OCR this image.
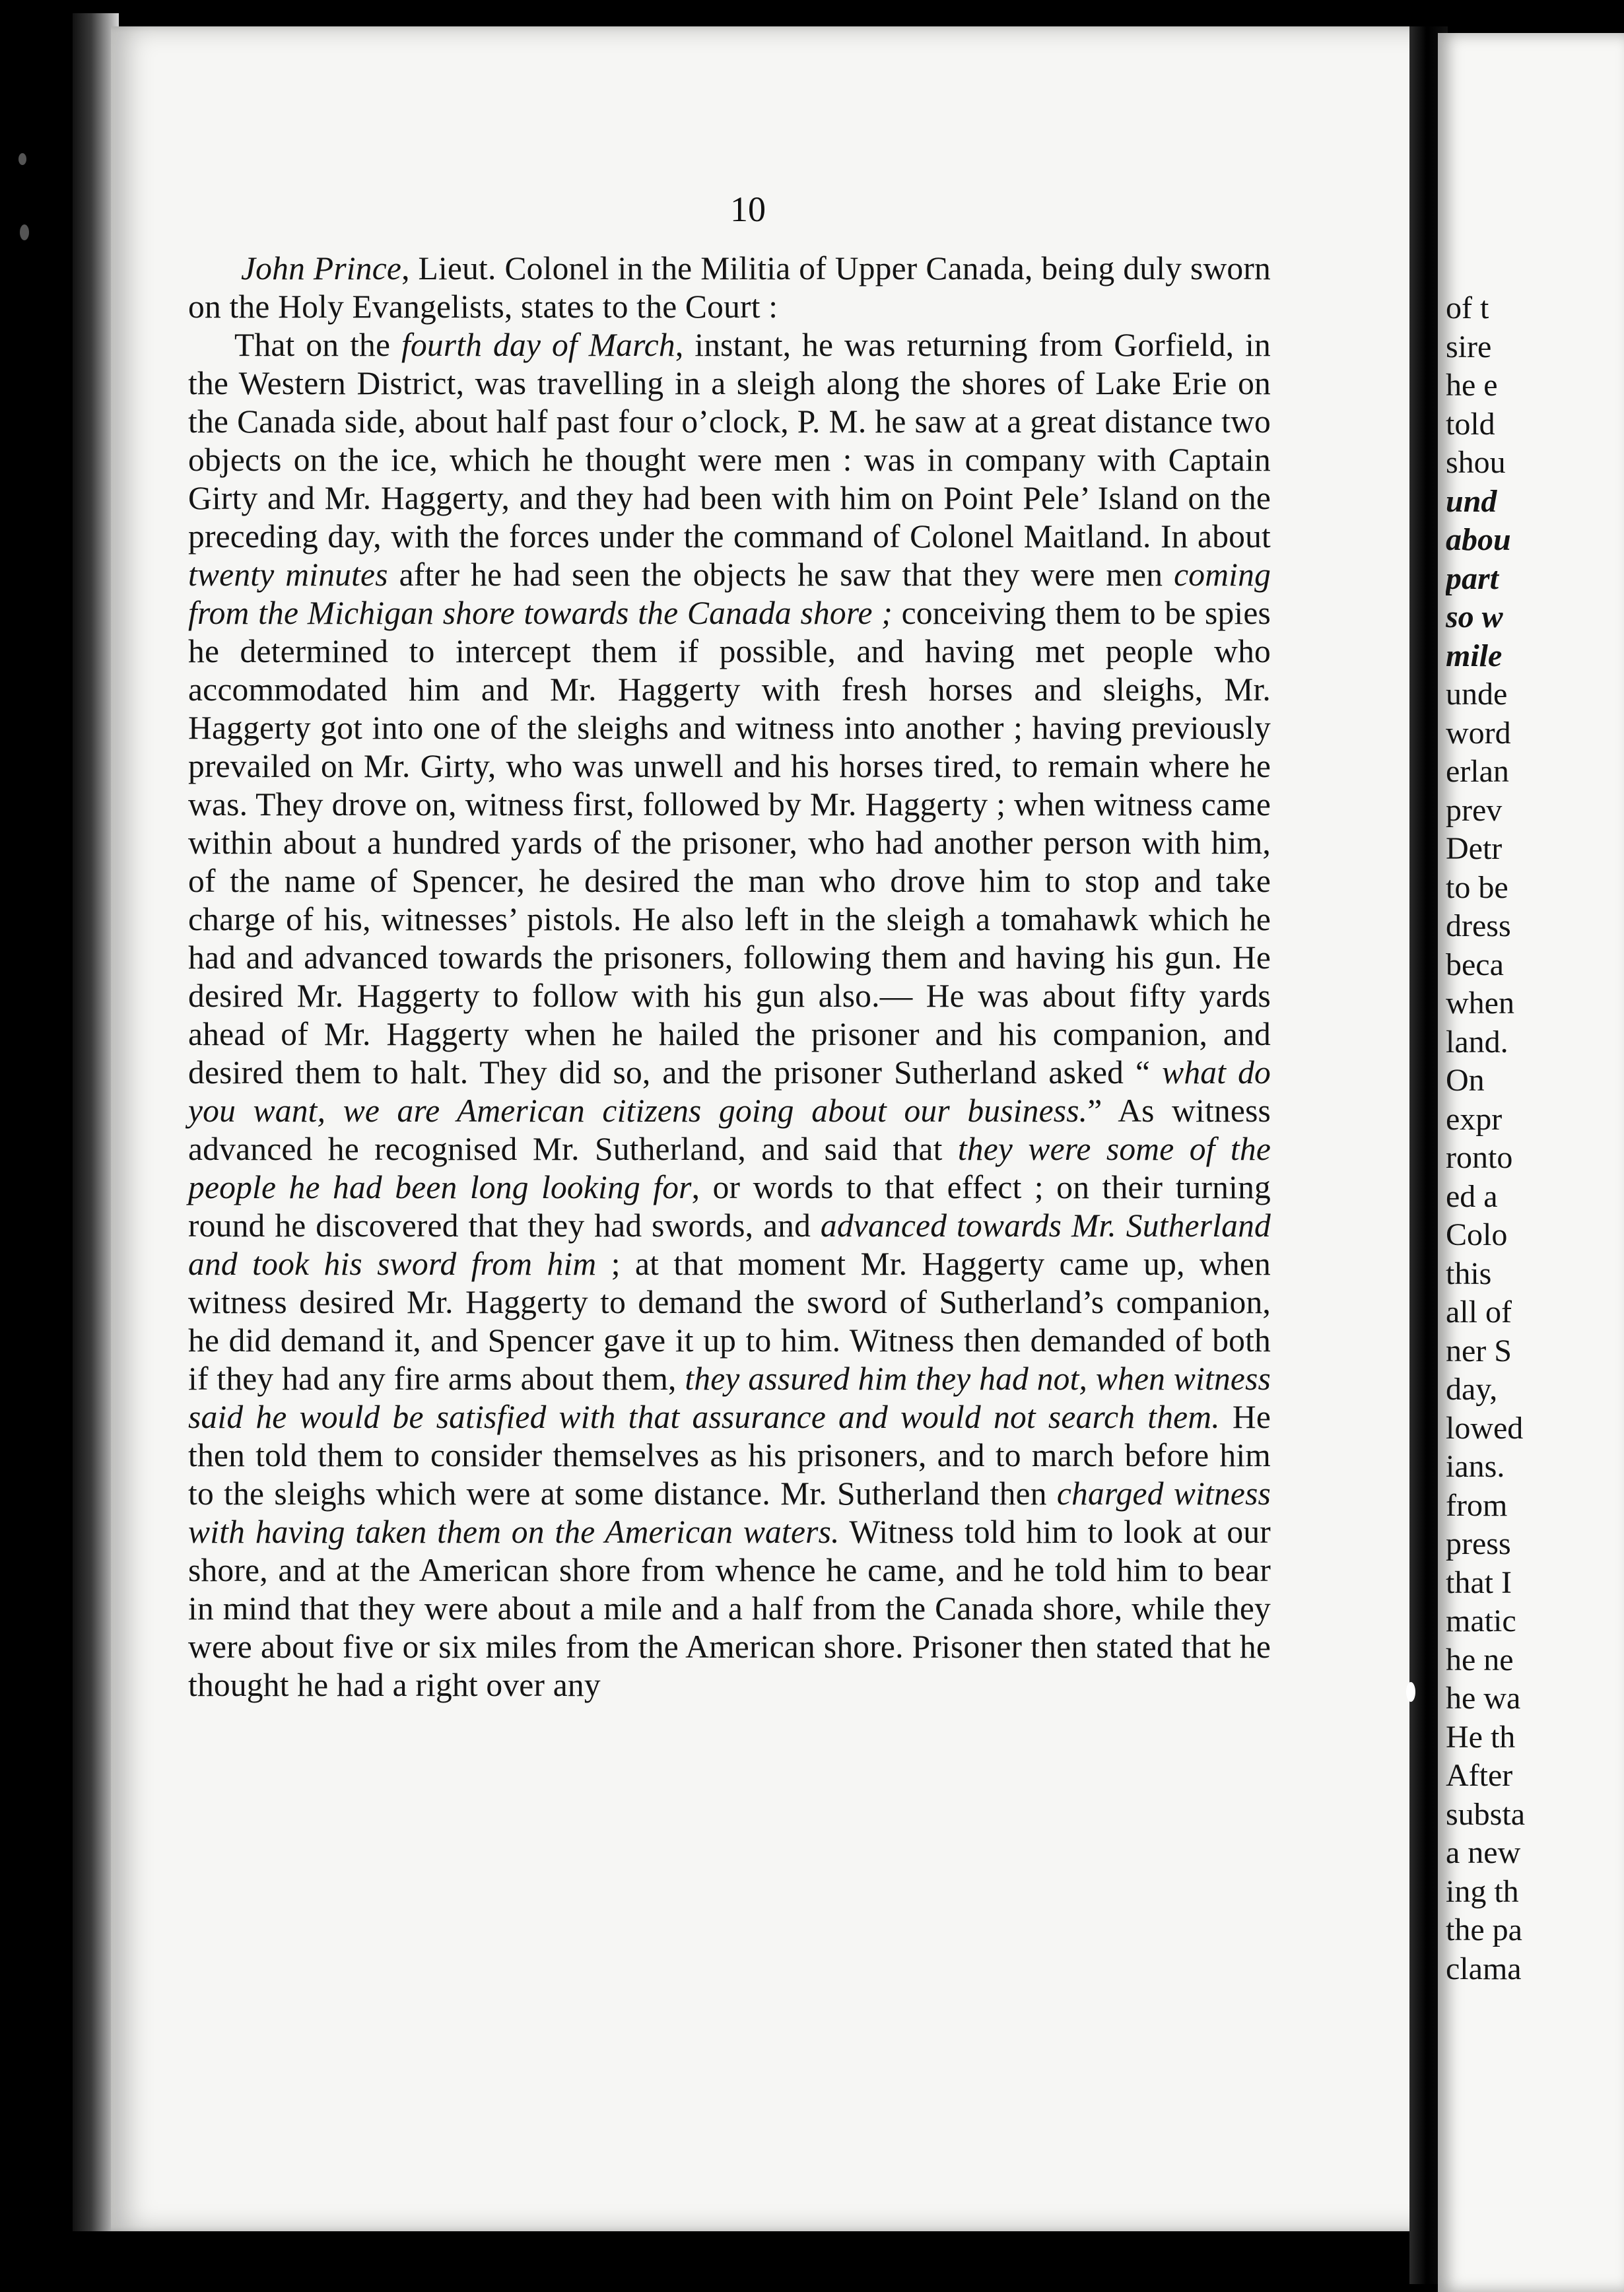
10

John Prince, Lieut. Colonel in the Militia of Upper Canada, being duly sworn on the Holy Evangelists, states to the Court :

That on the fourth day of March, instant, he was returning from Gorfield, in the Western District, was travelling in a sleigh along the shores of Lake Erie on the Canada side, about half past four o’clock, P. M. he saw at a great distance two objects on the ice, which he thought were men : was in company with Captain Girty and Mr. Haggerty, and they had been with him on Point Pele’ Island on the preceding day, with the forces under the command of Colonel Maitland. In about twenty minutes after he had seen the objects he saw that they were men coming from the Michigan shore towards the Canada shore ; conceiving them to be spies he determined to intercept them if possible, and having met people who accommodated him and Mr. Haggerty with fresh horses and sleighs, Mr. Haggerty got into one of the sleighs and witness into another ; having previously prevailed on Mr. Girty, who was unwell and his horses tired, to remain where he was. They drove on, witness first, followed by Mr. Haggerty ; when witness came within about a hundred yards of the prisoner, who had another person with him, of the name of Spencer, he desired the man who drove him to stop and take charge of his, witnesses’ pistols. He also left in the sleigh a tomahawk which he had and advanced towards the prisoners, following them and having his gun. He desired Mr. Haggerty to follow with his gun also.— He was about fifty yards ahead of Mr. Haggerty when he hailed the prisoner and his companion, and desired them to halt. They did so, and the prisoner Sutherland asked “ what do you want, we are American citizens going about our business.” As witness advanced he recognised Mr. Sutherland, and said that they were some of the people he had been long looking for, or words to that effect ; on their turning round he discovered that they had swords, and advanced towards Mr. Sutherland and took his sword from him ; at that moment Mr. Haggerty came up, when witness desired Mr. Haggerty to demand the sword of Sutherland’s companion, he did demand it, and Spencer gave it up to him. Witness then demanded of both if they had any fire arms about them, they assured him they had not, when witness said he would be satisfied with that assurance and would not search them. He then told them to consider themselves as his prisoners, and to march before him to the sleighs which were at some distance. Mr. Sutherland then charged witness with having taken them on the American waters. Witness told him to look at our shore, and at the American shore from whence he came, and he told him to bear in mind that they were about a mile and a half from the Canada shore, while they were about five or six miles from the American shore. Prisoner then stated that he thought he had a right over any

of t
sire
he e
told
shou
und
abou
part
so w
mile
unde
word
erlan
prev
Detr
to be
dress
beca
when
land.
On
expr
ronto
ed a
Colo
this
all of
ner S
day,
lowed
ians.
from
press
that I
matic
he ne
he wa
He th
After
substa
a new
ing th
the pa
clama
